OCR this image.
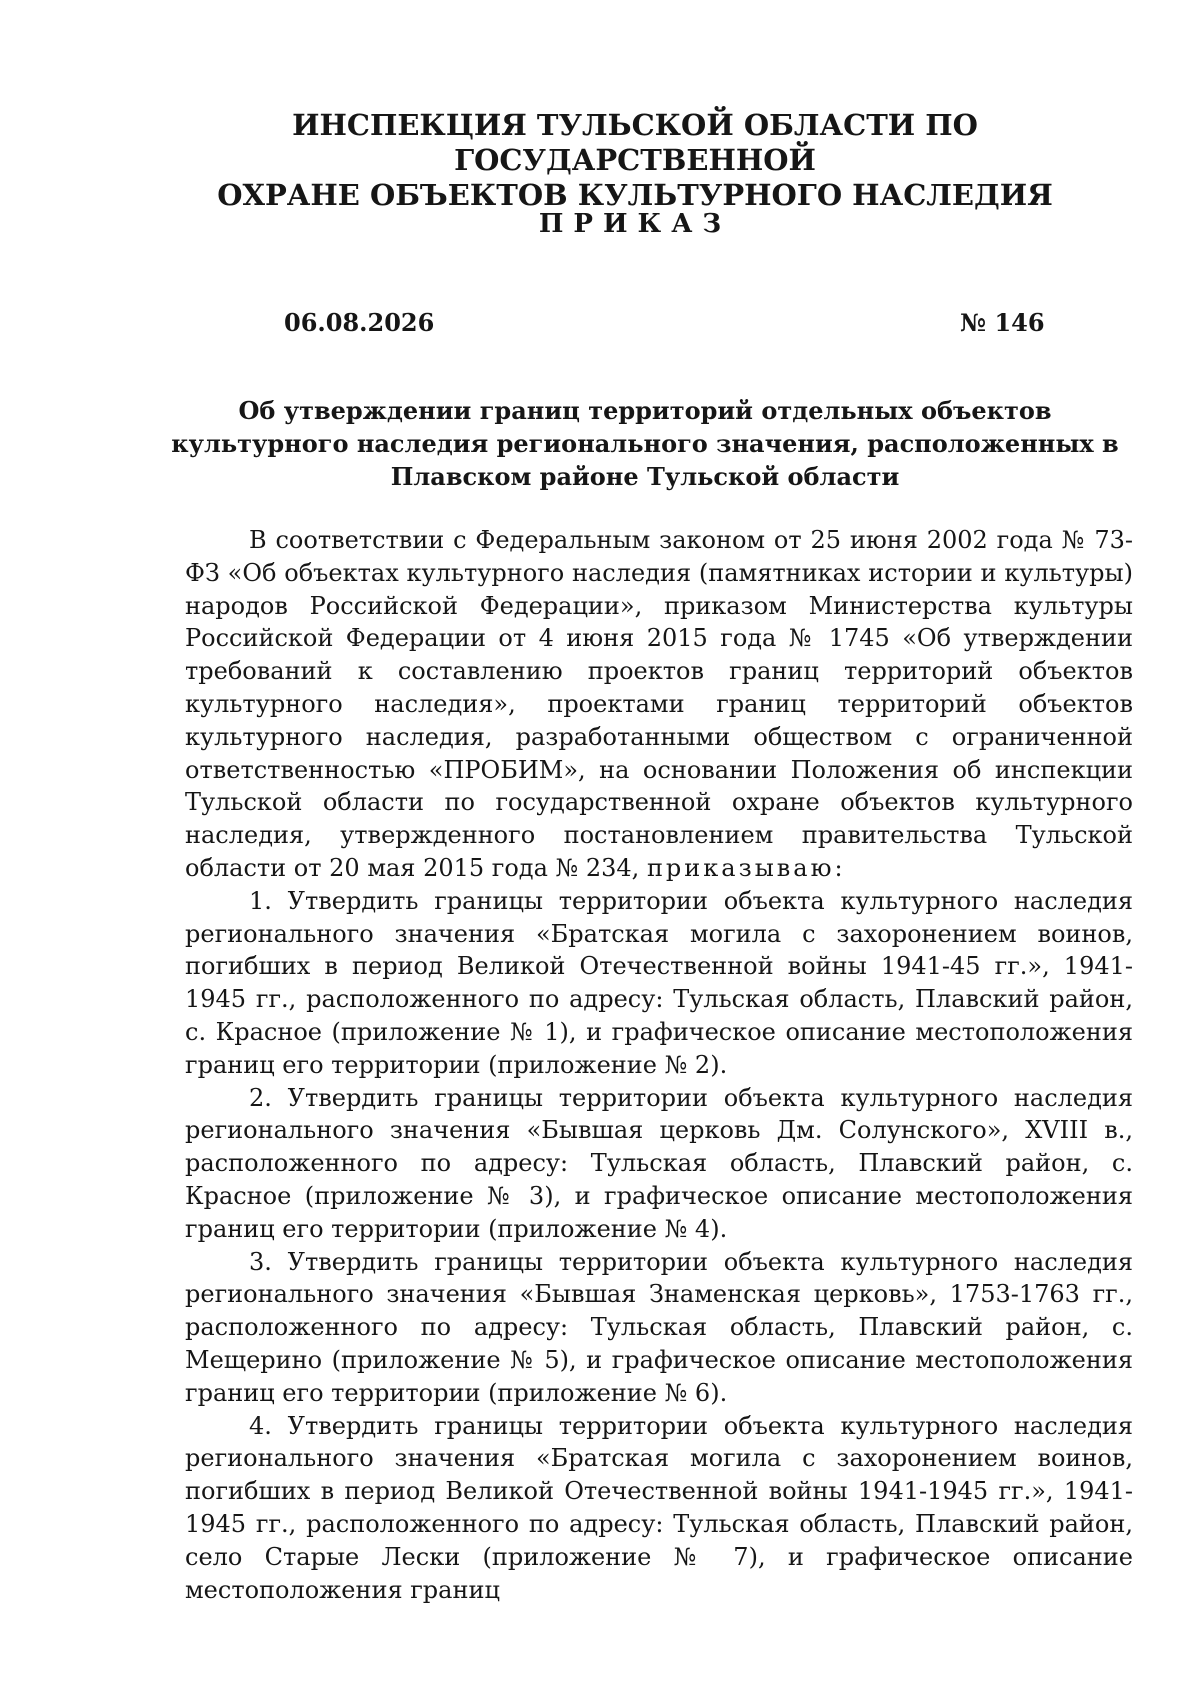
ИНСПЕКЦИЯ ТУЛЬСКОЙ ОБЛАСТИ ПО ГОСУДАРСТВЕННОЙ
ОХРАНЕ ОБЪЕКТОВ КУЛЬТУРНОГО НАСЛЕДИЯ
ПРИКАЗ
06.08.2026	№ 146
Об утверждении границ территорий отдельных объектов культурного наследия регионального значения, расположенных в Плавском районе Тульской области

В соответствии с Федеральным законом от 25 июня 2002 года № 73-ФЗ «Об объектах культурного наследия (памятниках истории и культуры) народов Российской Федерации», приказом Министерства культуры Российской Федерации от 4 июня 2015 года № 1745 «Об утверждении требований к составлению проектов границ территорий объектов культурного наследия», проектами границ территорий объектов культурного наследия, разработанными обществом с ограниченной ответственностью «ПРОБИМ», на основании Положения об инспекции Тульской области по государственной охране объектов культурного наследия, утвержденного постановлением правительства Тульской области от 20 мая 2015 года № 234, приказываю:

1. Утвердить границы территории объекта культурного наследия регионального значения «Братская могила с захоронением воинов, погибших в период Великой Отечественной войны 1941-45 гг.», 1941-1945 гг., расположенного по адресу: Тульская область, Плавский район, с. Красное (приложение № 1), и графическое описание местоположения границ его территории (приложение № 2).

2. Утвердить границы территории объекта культурного наследия регионального значения «Бывшая церковь Дм. Солунского», XVIII в., расположенного по адресу: Тульская область, Плавский район, с. Красное (приложение № 3), и графическое описание местоположения границ его территории (приложение № 4).

3. Утвердить границы территории объекта культурного наследия регионального значения «Бывшая Знаменская церковь», 1753-1763 гг., расположенного по адресу: Тульская область, Плавский район, с. Мещерино (приложение № 5), и графическое описание местоположения границ его территории (приложение № 6).

4. Утвердить границы территории объекта культурного наследия регионального значения «Братская могила с захоронением воинов, погибших в период Великой Отечественной войны 1941-1945 гг.», 1941-1945 гг., расположенного по адресу: Тульская область, Плавский район, село Старые Лески (приложение № 7), и графическое описание местоположения границ
